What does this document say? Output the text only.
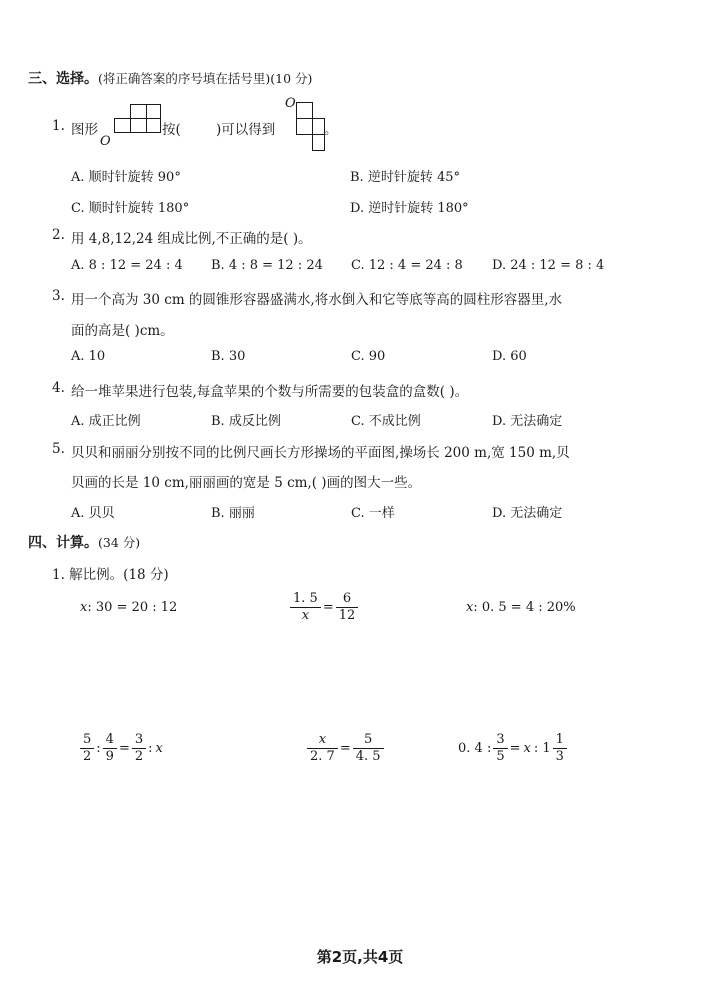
三、选择。(将正确答案的序号填在括号里)(10 分)
1. 图形
O
按(	)可以得到
O
。
A. 顺时针旋转 90°	B. 逆时针旋转 45°
C. 顺时针旋转 180°	D. 逆时针旋转 180°
2. 用 4,8,12,24 组成比例,不正确的是( )。
A. 8 : 12 = 24 : 4 B. 4 : 8 = 12 : 24 C. 12 : 4 = 24 : 8 D. 24 : 12 = 8 : 4
3. 用一个高为 30 cm 的圆锥形容器盛满水,将水倒入和它等底等高的圆柱形容器里,水
面的高是( )cm。
A. 10	B. 30	C. 90	D. 60
4. 给一堆苹果进行包装,每盒苹果的个数与所需要的包装盒的盒数( )。
A. 成正比例	B. 成反比例	C. 不成比例	D. 无法确定
5. 贝贝和丽丽分别按不同的比例尺画长方形操场的平面图,操场长 200 m,宽 150 m,贝
贝画的长是 10 cm,丽丽画的宽是 5 cm,( )画的图大一些。
A. 贝贝	B. 丽丽	C. 一样	D. 无法确定
四、计算。(34 分)
1. 解比例。(18 分)
x : 30 = 20 : 12	$\frac{1. 5}{x} = \frac{6}{12}$	x : 0. 5 = 4 : 20%
$\frac{5}{2}$ : $\frac{4}{9} = \frac{3}{2}$ : x	$\frac{x}{2. 7} = \frac{5}{4. 5}$	0. 4 : $\frac{3}{5} = x$ : $1 \frac{1}{3}$
第2页,共4页
